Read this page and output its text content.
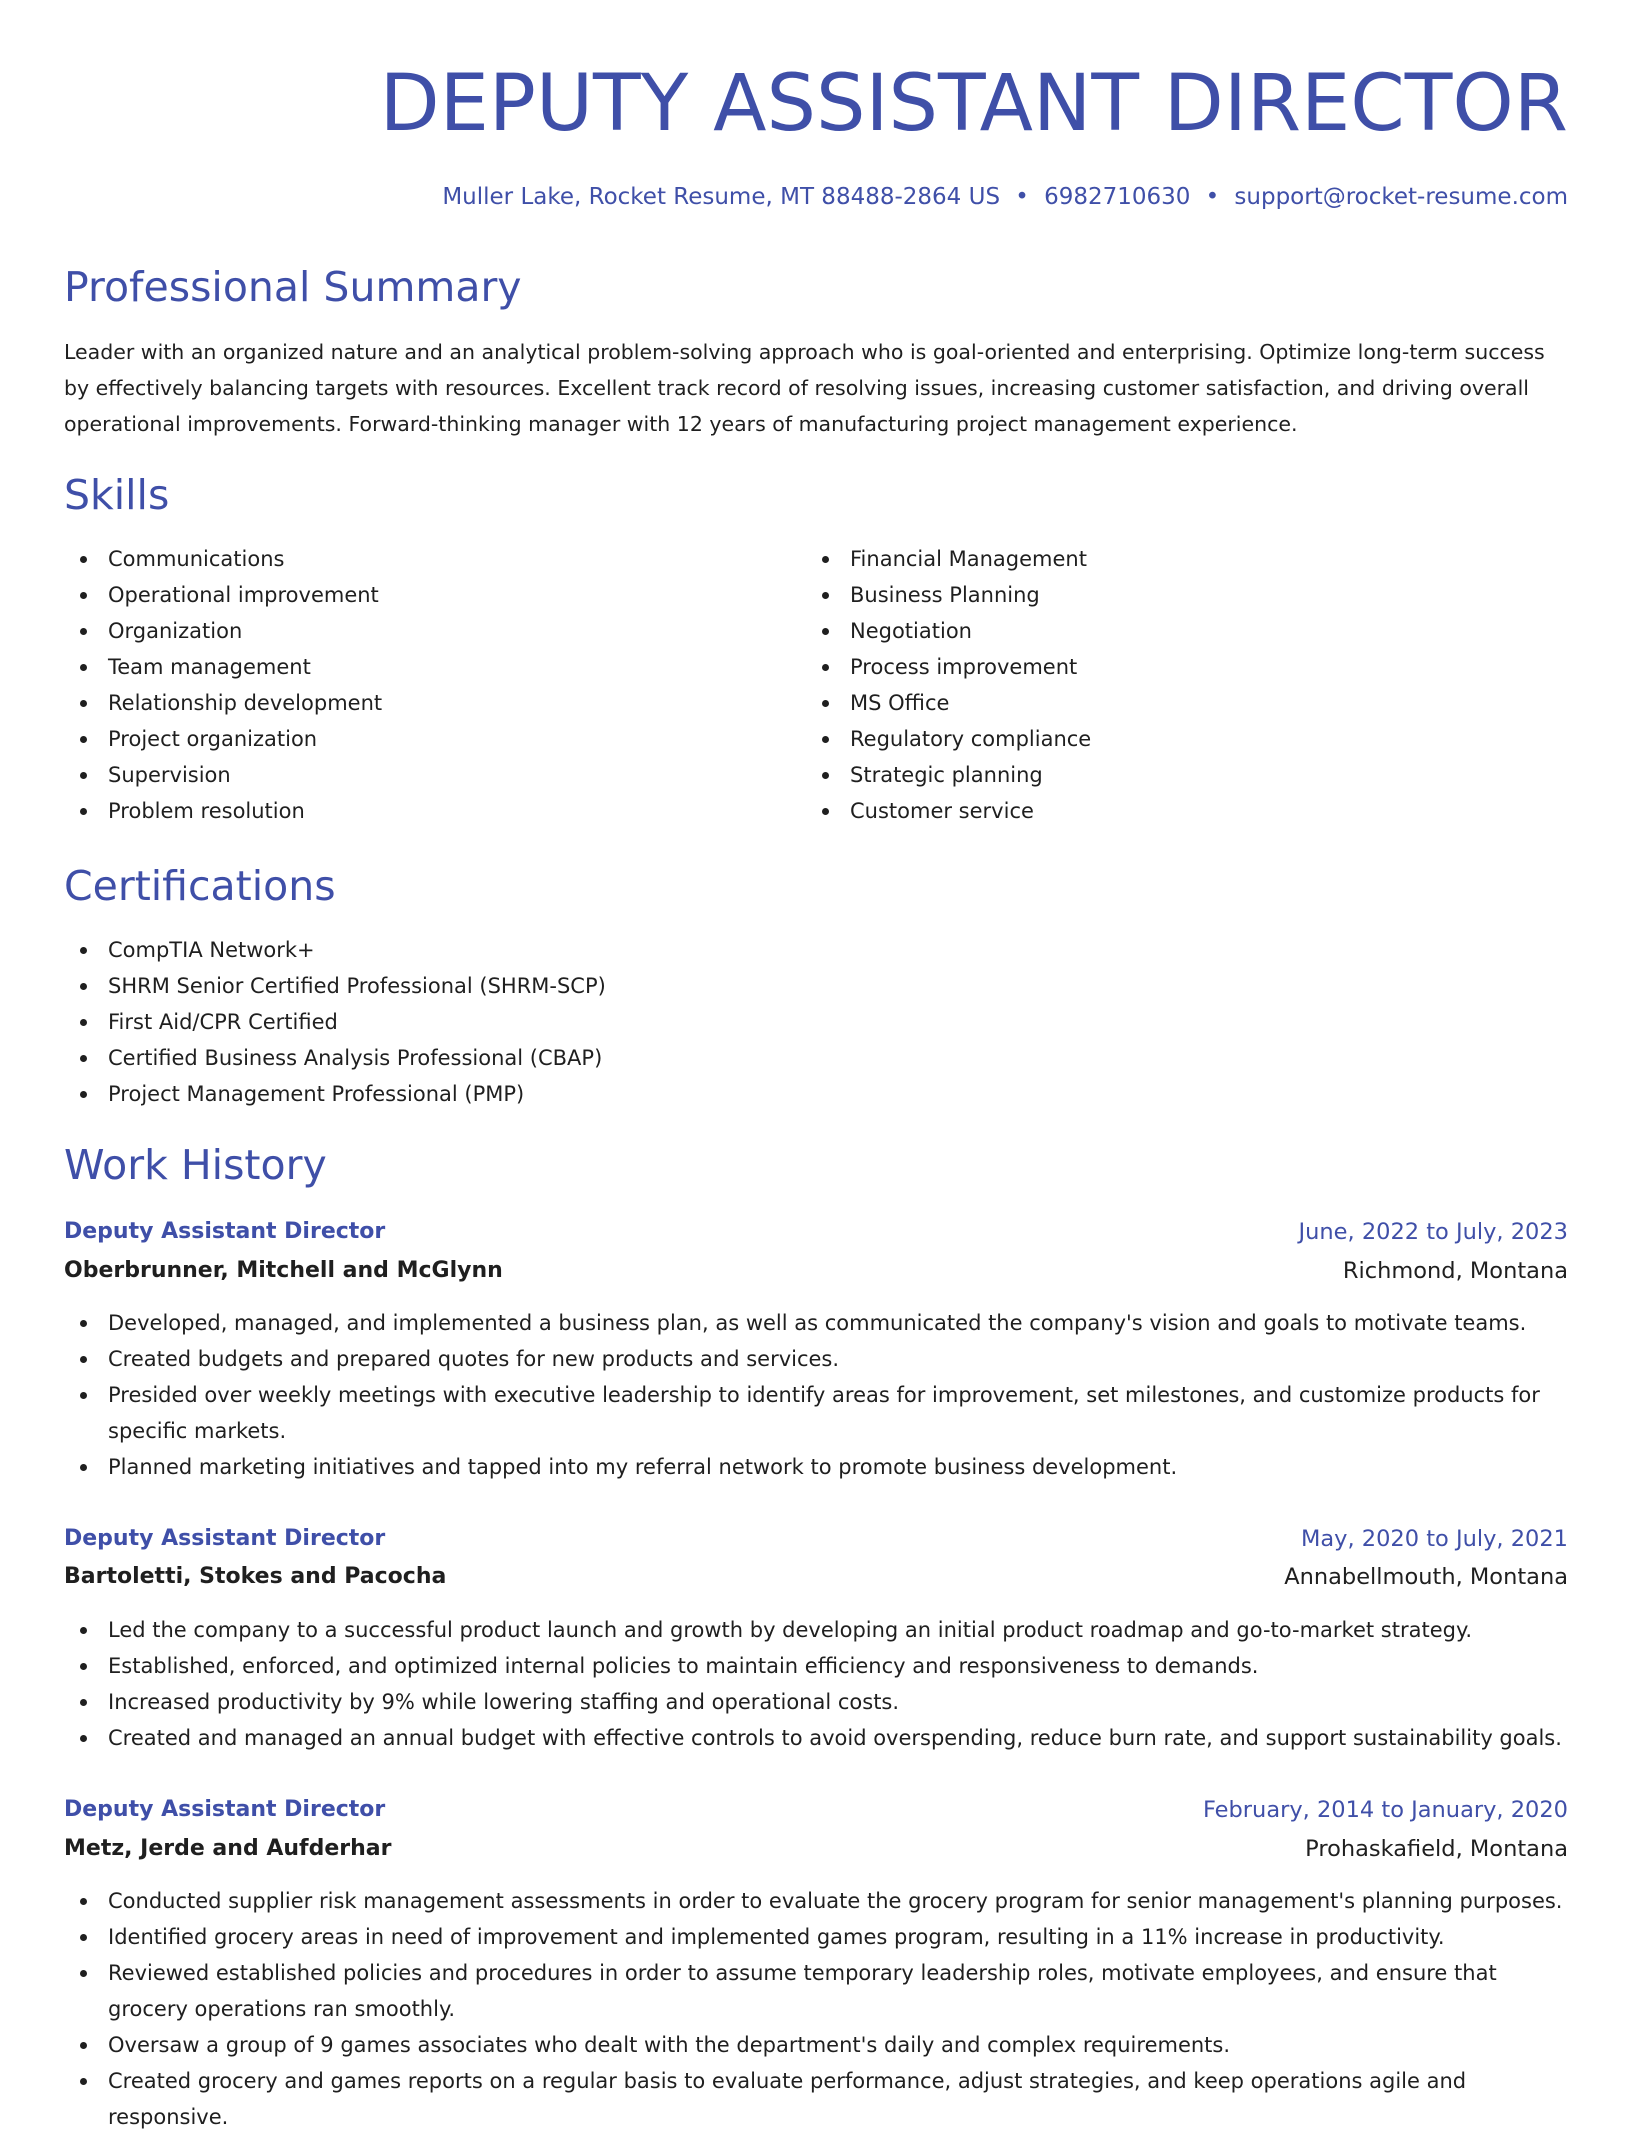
DEPUTY ASSISTANT DIRECTOR
Muller Lake, Rocket Resume, MT 88488-2864 US • 6982710630 • support@rocket-resume.com
Professional Summary

Leader with an organized nature and an analytical problem-solving approach who is goal-oriented and enterprising. Optimize long-term success by effectively balancing targets with resources. Excellent track record of resolving issues, increasing customer satisfaction, and driving overall operational improvements. Forward-thinking manager with 12 years of manufacturing project management experience.

Skills
Communications
Operational improvement
Organization
Team management
Relationship development
Project organization
Supervision
Problem resolution
Financial Management
Business Planning
Negotiation
Process improvement
MS Office
Regulatory compliance
Strategic planning
Customer service
Certifications
CompTIA Network+
SHRM Senior Certified Professional (SHRM-SCP)
First Aid/CPR Certified
Certified Business Analysis Professional (CBAP)
Project Management Professional (PMP)
Work History
Deputy Assistant Director	June, 2022 to July, 2023
Oberbrunner, Mitchell and McGlynn	Richmond, Montana
Developed, managed, and implemented a business plan, as well as communicated the company's vision and goals to motivate teams.
Created budgets and prepared quotes for new products and services.
Presided over weekly meetings with executive leadership to identify areas for improvement, set milestones, and customize products for specific markets.
Planned marketing initiatives and tapped into my referral network to promote business development.
Deputy Assistant Director	May, 2020 to July, 2021
Bartoletti, Stokes and Pacocha	Annabellmouth, Montana
Led the company to a successful product launch and growth by developing an initial product roadmap and go-to-market strategy.
Established, enforced, and optimized internal policies to maintain efficiency and responsiveness to demands.
Increased productivity by 9% while lowering staffing and operational costs.
Created and managed an annual budget with effective controls to avoid overspending, reduce burn rate, and support sustainability goals.
Deputy Assistant Director	February, 2014 to January, 2020
Metz, Jerde and Aufderhar	Prohaskafield, Montana
Conducted supplier risk management assessments in order to evaluate the grocery program for senior management's planning purposes.
Identified grocery areas in need of improvement and implemented games program, resulting in a 11% increase in productivity.
Reviewed established policies and procedures in order to assume temporary leadership roles, motivate employees, and ensure that grocery operations ran smoothly.
Oversaw a group of 9 games associates who dealt with the department's daily and complex requirements.
Created grocery and games reports on a regular basis to evaluate performance, adjust strategies, and keep operations agile and responsive.
